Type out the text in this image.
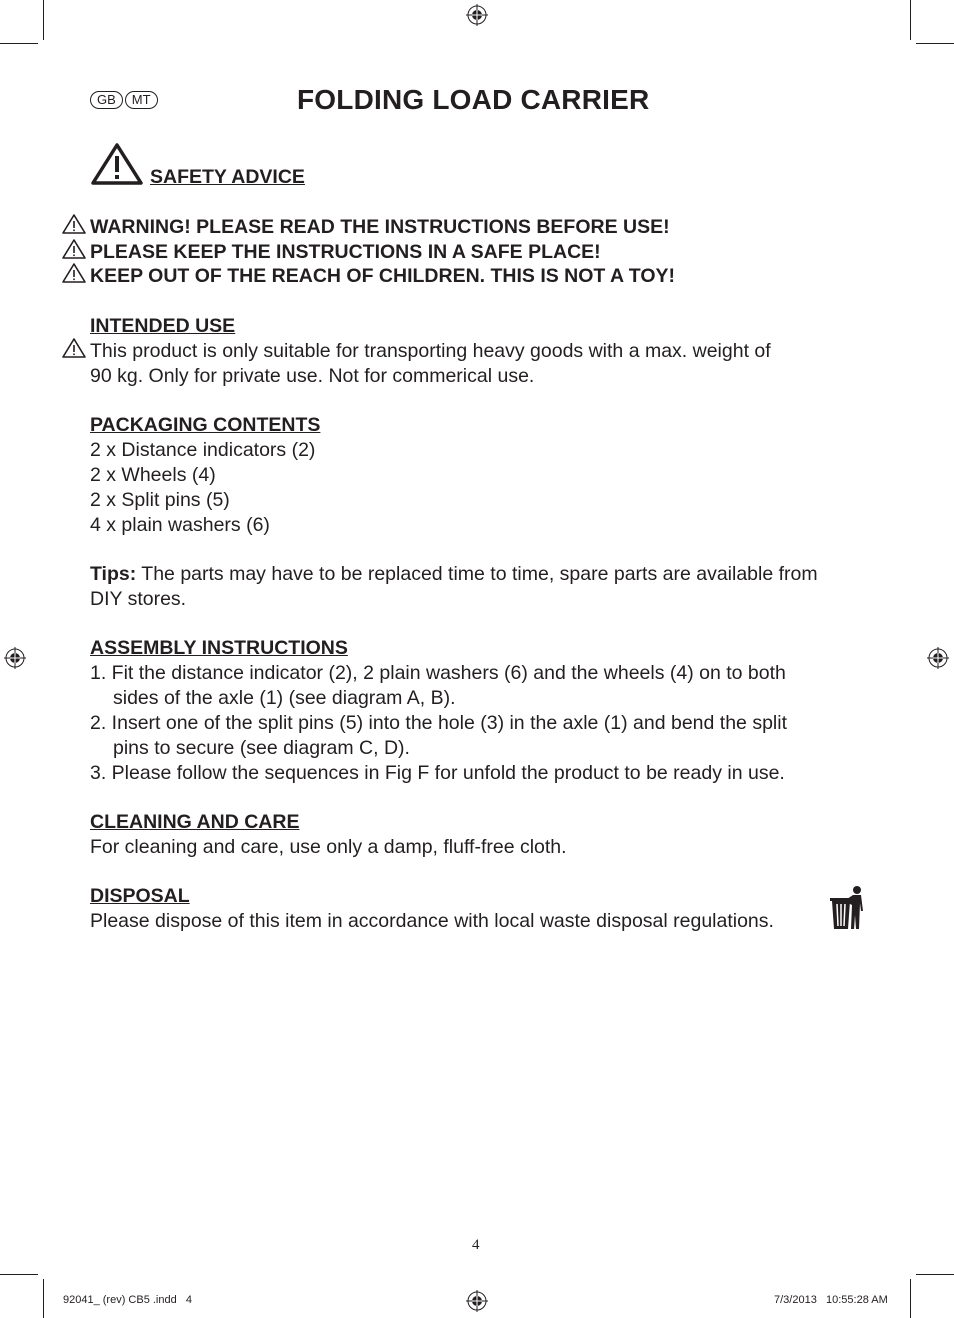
GB	MT	FOLDING LOAD CARRIER
SAFETY ADVICE
WARNING! PLEASE READ THE INSTRUCTIONS BEFORE USE!
PLEASE KEEP THE INSTRUCTIONS IN A SAFE PLACE!
KEEP OUT OF THE REACH OF CHILDREN. THIS IS NOT A TOY!
INTENDED USE
This product is only suitable for transporting heavy goods with a max. weight of
90 kg. Only for private use. Not for commerical use.
PACKAGING CONTENTS
2 x Distance indicators (2)
2 x Wheels (4)
2 x Split pins (5)
4 x plain washers (6)
Tips: The parts may have to be replaced time to time, spare parts are available from
DIY stores.
ASSEMBLY INSTRUCTIONS
1. Fit the distance indicator (2), 2 plain washers (6) and the wheels (4) on to both
sides of the axle (1) (see diagram A, B).
2. Insert one of the split pins (5) into the hole (3) in the axle (1) and bend the split
pins to secure (see diagram C, D).
3. Please follow the sequences in Fig F for unfold the product to be ready in use.
CLEANING AND CARE
For cleaning and care, use only a damp, fluff-free cloth.
DISPOSAL
Please dispose of this item in accordance with local waste disposal regulations.
4
92041_ (rev) CB5 .indd   4	7/3/2013   10:55:28 AM
